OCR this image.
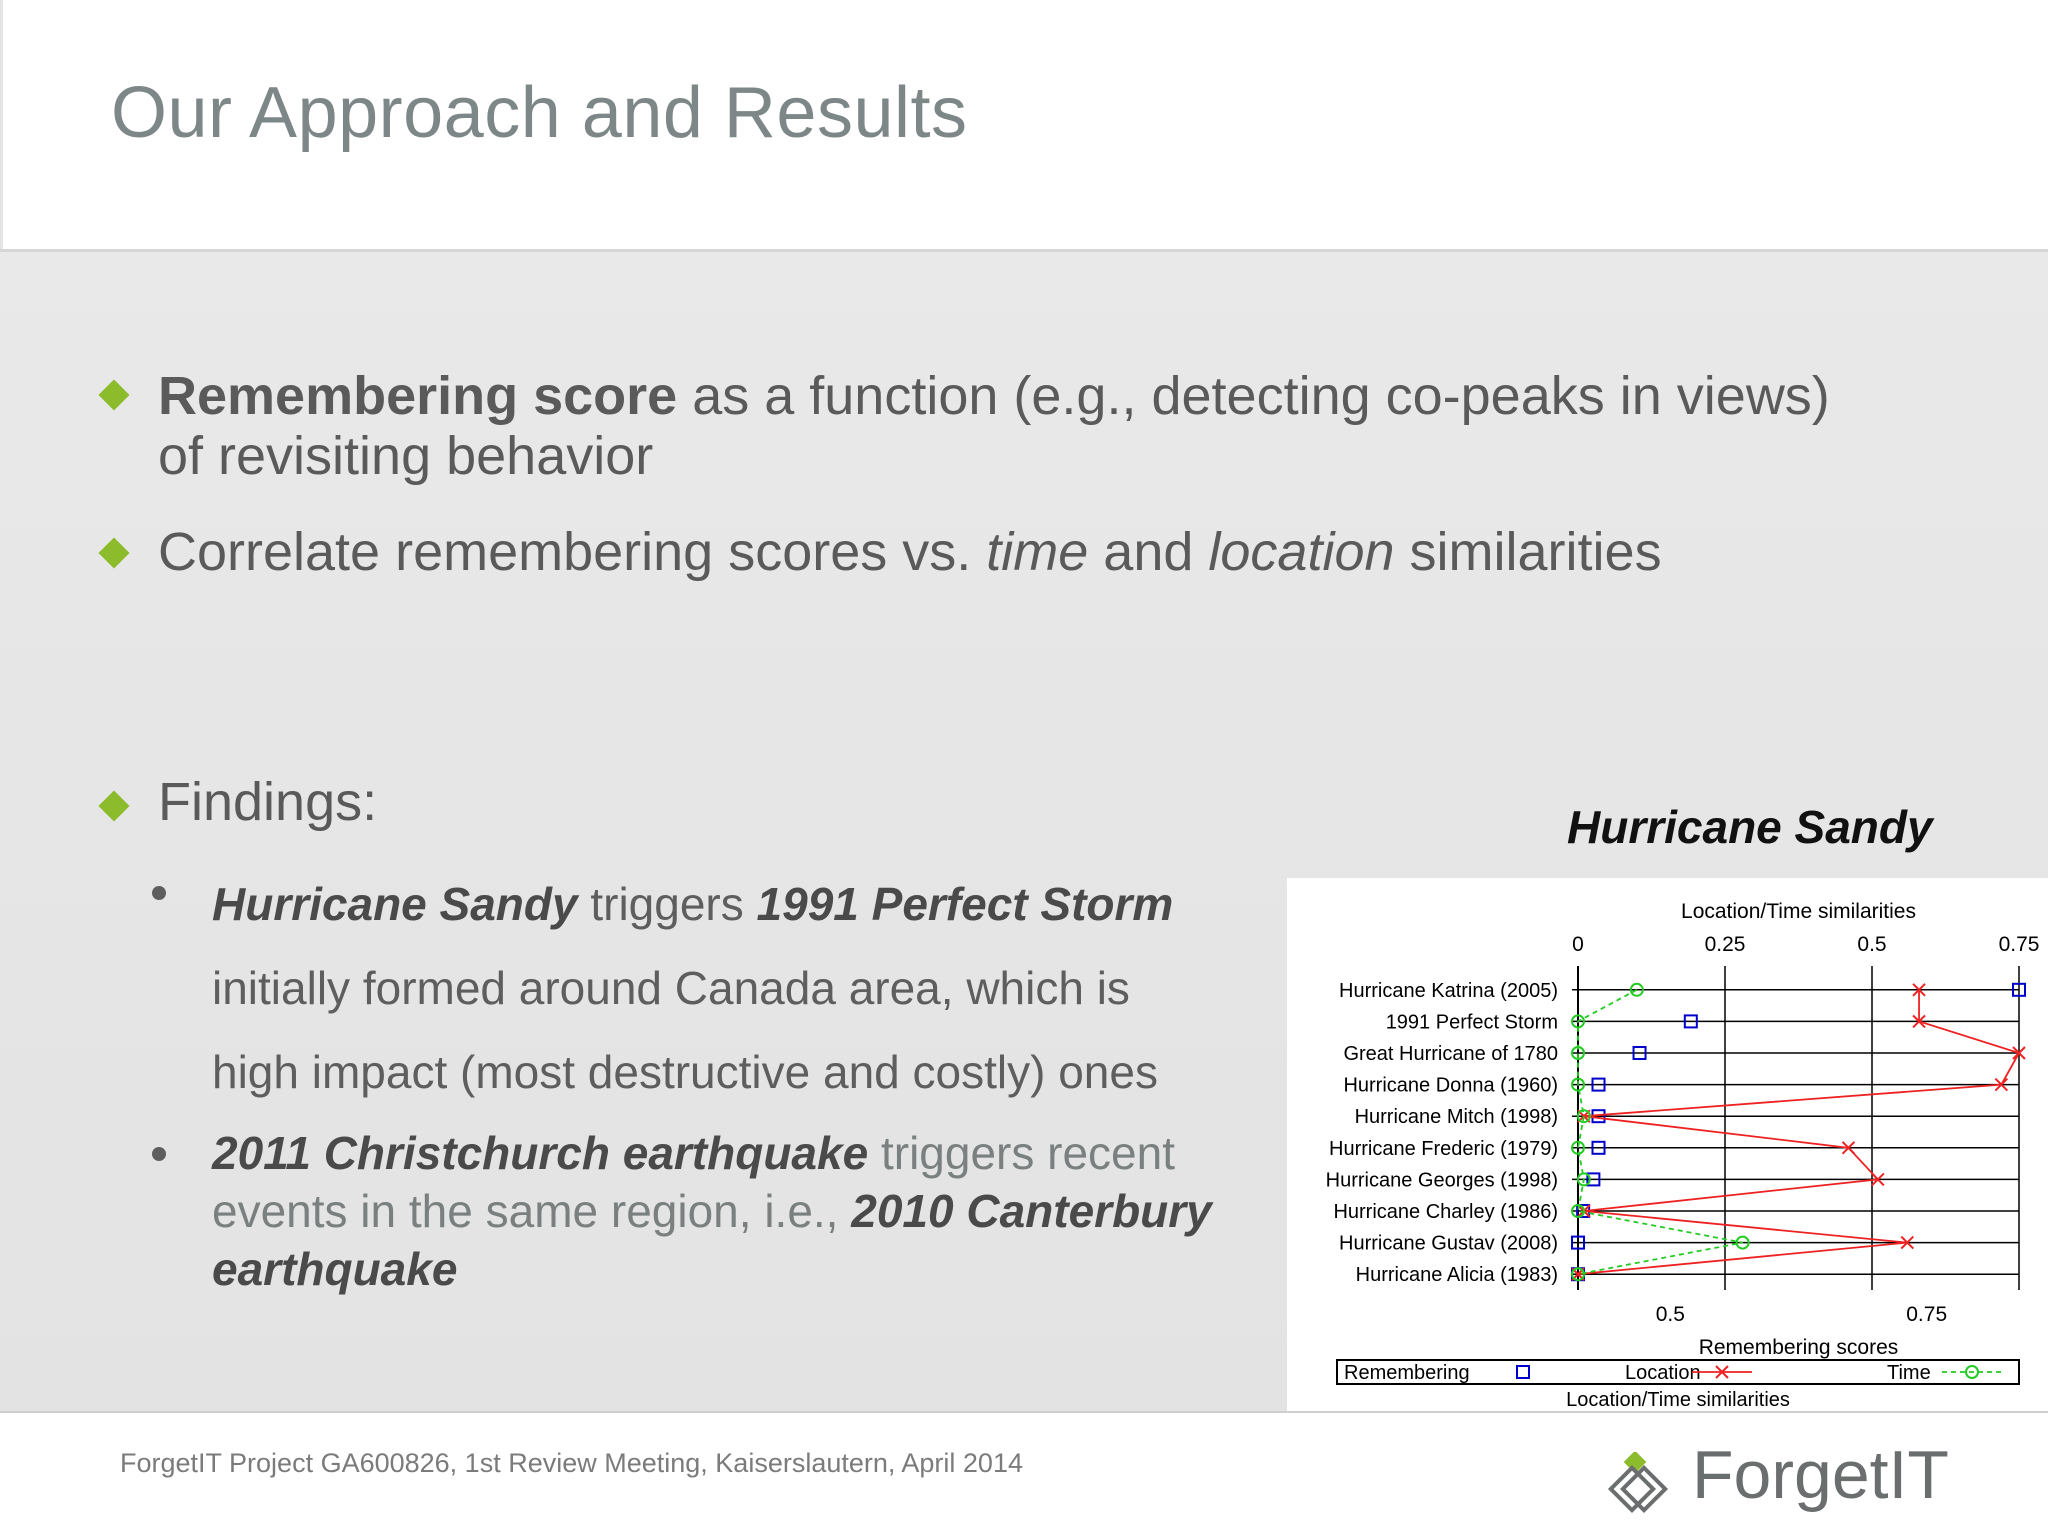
Our Approach and Results
Remembering score as a function (e.g., detecting co-peaks in views)
of revisiting behavior
Correlate remembering scores vs. time and location similarities
Findings:
Hurricane Sandy triggers 1991 Perfect Storm
initially formed around Canada area, which is
high impact (most destructive and costly) ones
2011 Christchurch earthquake triggers recent
events in the same region, i.e., 2010 Canterbury
earthquake
Hurricane Sandy
Location/Time similarities
0	0.25	0.5	0.75
Hurricane Katrina (2005)
1991 Perfect Storm
Great Hurricane of 1780
Hurricane Donna (1960)
Hurricane Mitch (1998)
Hurricane Frederic (1979)
Hurricane Georges (1998)
Hurricane Charley (1986)
Hurricane Gustav (2008)
Hurricane Alicia (1983)
0.5	0.75
Remembering scores
Remembering	Location	Time
Location/Time similarities
ForgetIT Project GA600826, 1st Review Meeting, Kaiserslautern, April 2014	ForgetIT
